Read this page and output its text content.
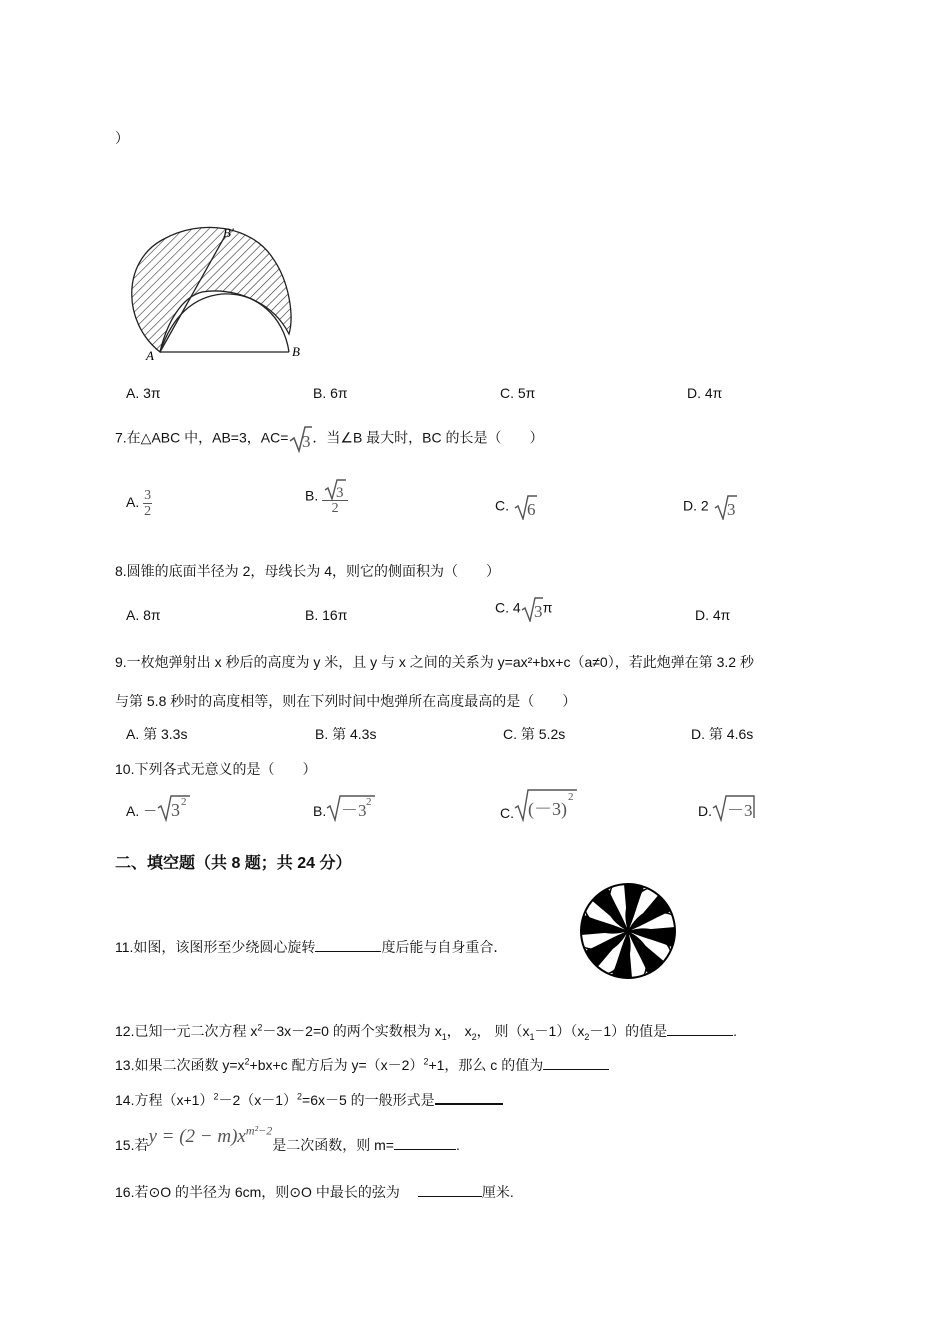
）
A	B
B'
A. 3π	B. 6π	C. 5π	D. 4π
7.在△ABC 中，AB=3，AC= 3 ．当∠B 最大时，BC 的长是（　　）
A. $\frac{3}{2}$	B. $\frac{3}{2}$	C. 6	D. 2 3
8.圆锥的底面半径为 2，母线长为 4，则它的侧面积为（　　）
A. 8π	B. 16π	C. 4 3 π	D. 4π
9.一枚炮弹射出 x 秒后的高度为 y 米，且 y 与 x 之间的关系为 y=ax²+bx+c（a≠0），若此炮弹在第 3.2 秒
与第 5.8 秒时的高度相等，则在下列时间中炮弹所在高度最高的是（　　）
A. 第 3.3s	B. 第 4.3s	C. 第 5.2s	D. 第 4.6s
10.下列各式无意义的是（　　）
A. － 3 2
B. －3 2
C. (－3)
2
D. －3
二、填空题（共 8 题；共 24 分）
11.如图，该图形至少绕圆心旋转	度后能与自身重合．
12.已知一元二次方程 $x^2-3x-2=0$ 的两个实数根为 $x_1$， $x_2$， 则$(x_1-1)(x_2-1)$的值是	.
13.如果二次函数 $y=x^2+bx+c$ 配方后为 $y=(x-2)^2+1$，那么 c 的值为
14.方程$(x+1)^2-2(x-1)^2=6x-5$ 的一般形式是
15.若$y = (2 - m)x^{m^2-2}$是二次函数，则 m=	.
16.若⊙O 的半径为 6cm，则⊙O 中最长的弦为	厘米.
